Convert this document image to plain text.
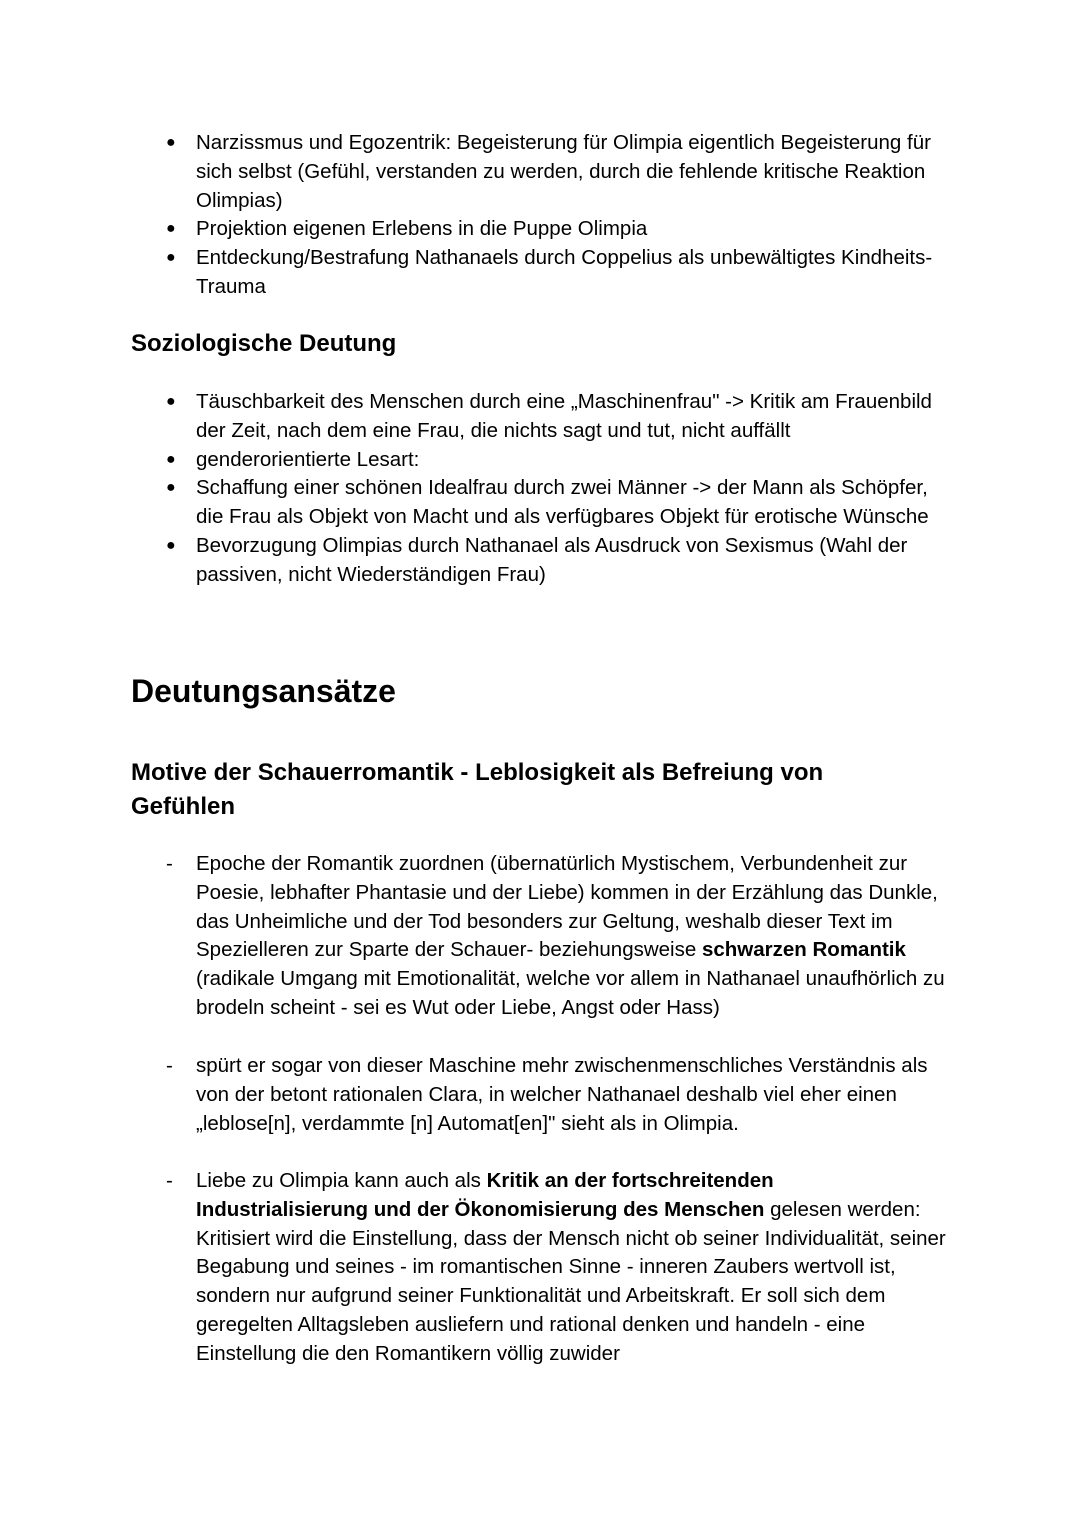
● Narzissmus und Egozentrik: Begeisterung für Olimpia eigentlich Begeisterung für sich selbst (Gefühl, verstanden zu werden, durch die fehlende kritische Reaktion Olimpias)
● Projektion eigenen Erlebens in die Puppe Olimpia
● Entdeckung/Bestrafung Nathanaels durch Coppelius als unbewältigtes Kindheits-Trauma
Soziologische Deutung
● Täuschbarkeit des Menschen durch eine „Maschinenfrau" -> Kritik am Frauenbild der Zeit, nach dem eine Frau, die nichts sagt und tut, nicht auffällt
● genderorientierte Lesart:
● Schaffung einer schönen Idealfrau durch zwei Männer -> der Mann als Schöpfer, die Frau als Objekt von Macht und als verfügbares Objekt für erotische Wünsche
● Bevorzugung Olimpias durch Nathanael als Ausdruck von Sexismus (Wahl der passiven, nicht Wiederständigen Frau)
Deutungsansätze
Motive der Schauerromantik - Leblosigkeit als Befreiung von Gefühlen
- Epoche der Romantik zuordnen (übernatürlich Mystischem, Verbundenheit zur Poesie, lebhafter Phantasie und der Liebe) kommen in der Erzählung das Dunkle, das Unheimliche und der Tod besonders zur Geltung, weshalb dieser Text im Spezielleren zur Sparte der Schauer- beziehungsweise schwarzen Romantik (radikale Umgang mit Emotionalität, welche vor allem in Nathanael unaufhörlich zu brodeln scheint - sei es Wut oder Liebe, Angst oder Hass)
- spürt er sogar von dieser Maschine mehr zwischenmenschliches Verständnis als von der betont rationalen Clara, in welcher Nathanael deshalb viel eher einen „leblose[n], verdammte [n] Automat[en]" sieht als in Olimpia.
- Liebe zu Olimpia kann auch als Kritik an der fortschreitenden Industrialisierung und der Ökonomisierung des Menschen gelesen werden: Kritisiert wird die Einstellung, dass der Mensch nicht ob seiner Individualität, seiner Begabung und seines - im romantischen Sinne - inneren Zaubers wertvoll ist, sondern nur aufgrund seiner Funktionalität und Arbeitskraft. Er soll sich dem geregelten Alltagsleben ausliefern und rational denken und handeln - eine Einstellung die den Romantikern völlig zuwider
